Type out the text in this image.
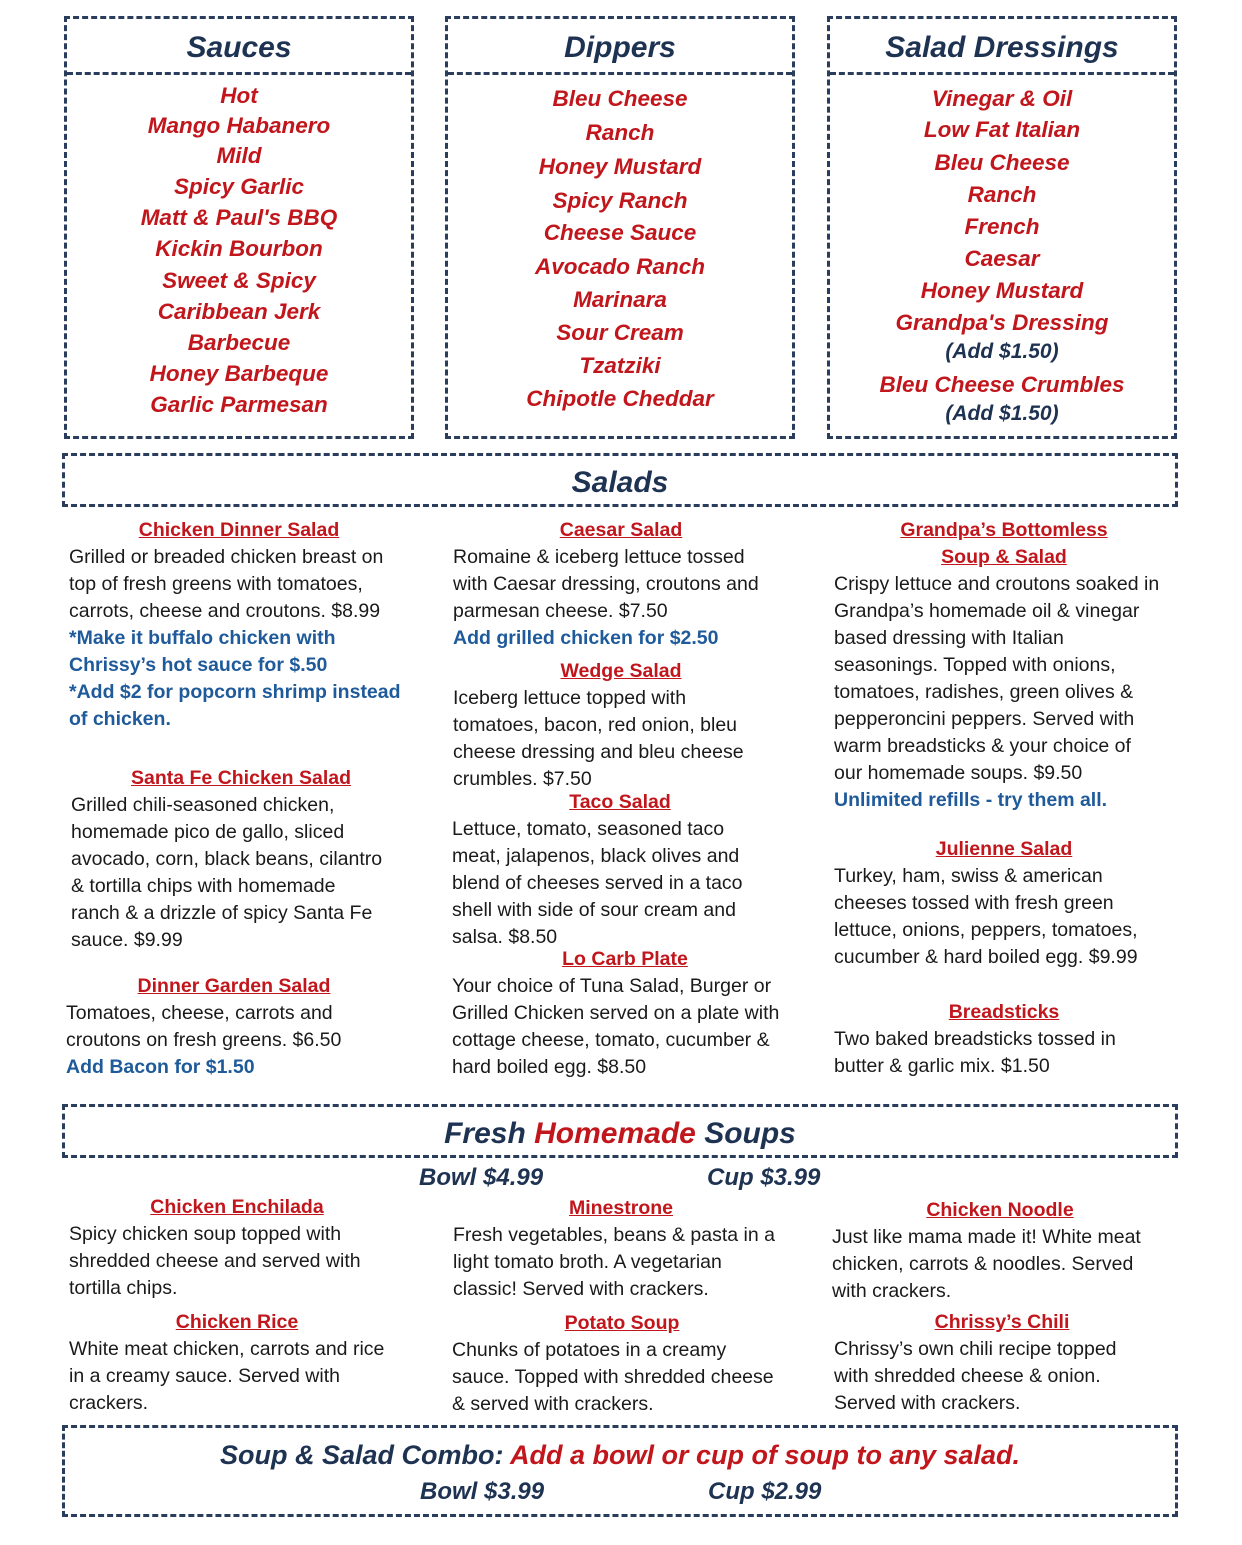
Sauces
Hot
Mango Habanero
Mild
Spicy Garlic
Matt & Paul's BBQ
Kickin Bourbon
Sweet & Spicy
Caribbean Jerk
Barbecue
Honey Barbeque
Garlic Parmesan
Dippers
Bleu Cheese
Ranch
Honey Mustard
Spicy Ranch
Cheese Sauce
Avocado Ranch
Marinara
Sour Cream
Tzatziki
Chipotle Cheddar
Salad Dressings
Vinegar & Oil
Low Fat Italian
Bleu Cheese
Ranch
French
Caesar
Honey Mustard
Grandpa's Dressing
(Add $1.50)
Bleu Cheese Crumbles
(Add $1.50)
Salads
Chicken Dinner Salad
Grilled or breaded chicken breast on
top of fresh greens with tomatoes,
carrots, cheese and croutons. $8.99
*Make it buffalo chicken with
Chrissy’s hot sauce for $.50
*Add $2 for popcorn shrimp instead
of chicken.
Santa Fe Chicken Salad
Grilled chili-seasoned chicken,
homemade pico de gallo, sliced
avocado, corn, black beans, cilantro
& tortilla chips with homemade
ranch & a drizzle of spicy Santa Fe
sauce. $9.99
Dinner Garden Salad
Tomatoes, cheese, carrots and
croutons on fresh greens. $6.50
Add Bacon for $1.50
Caesar Salad
Romaine & iceberg lettuce tossed
with Caesar dressing, croutons and
parmesan cheese. $7.50
Add grilled chicken for $2.50
Wedge Salad
Iceberg lettuce topped with
tomatoes, bacon, red onion, bleu
cheese dressing and bleu cheese
crumbles. $7.50
Taco Salad
Lettuce, tomato, seasoned taco
meat, jalapenos, black olives and
blend of cheeses served in a taco
shell with side of sour cream and
salsa. $8.50
Lo Carb Plate
Your choice of Tuna Salad, Burger or
Grilled Chicken served on a plate with
cottage cheese, tomato, cucumber &
hard boiled egg. $8.50
Grandpa’s Bottomless
Soup & Salad
Crispy lettuce and croutons soaked in
Grandpa’s homemade oil & vinegar
based dressing with Italian
seasonings. Topped with onions,
tomatoes, radishes, green olives &
pepperoncini peppers. Served with
warm breadsticks & your choice of
our homemade soups. $9.50
Unlimited refills - try them all.
Julienne Salad
Turkey, ham, swiss & american
cheeses tossed with fresh green
lettuce, onions, peppers, tomatoes,
cucumber & hard boiled egg. $9.99
Breadsticks
Two baked breadsticks tossed in
butter & garlic mix. $1.50
Fresh Homemade Soups
Bowl $4.99	Cup $3.99
Chicken Enchilada
Spicy chicken soup topped with
shredded cheese and served with
tortilla chips.
Chicken Rice
White meat chicken, carrots and rice
in a creamy sauce. Served with
crackers.
Minestrone
Fresh vegetables, beans & pasta in a
light tomato broth. A vegetarian
classic! Served with crackers.
Potato Soup
Chunks of potatoes in a creamy
sauce. Topped with shredded cheese
& served with crackers.
Chicken Noodle
Just like mama made it! White meat
chicken, carrots & noodles. Served
with crackers.
Chrissy’s Chili
Chrissy’s own chili recipe topped
with shredded cheese & onion.
Served with crackers.
Soup & Salad Combo: Add a bowl or cup of soup to any salad.
Bowl $3.99	Cup $2.99
